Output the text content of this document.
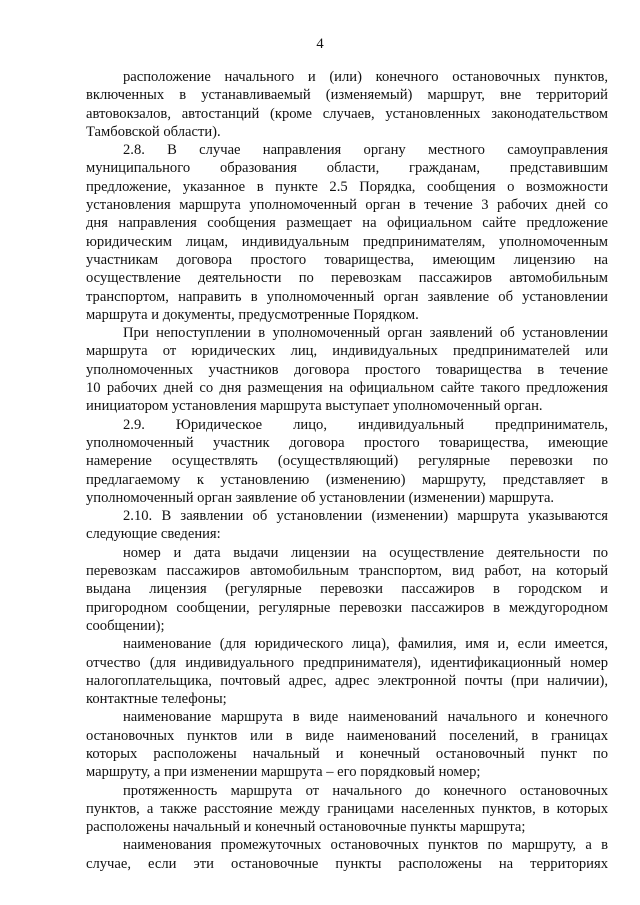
4
расположение начального и (или) конечного остановочных пунктов,
включенных в устанавливаемый (изменяемый) маршрут, вне территорий
автовокзалов, автостанций (кроме случаев, установленных законодательством
Тамбовской области).
2.8. В случае направления органу местного самоуправления
муниципального образования области, гражданам, представившим
предложение, указанное в пункте 2.5 Порядка, сообщения о возможности
установления маршрута уполномоченный орган в течение 3 рабочих дней со
дня направления сообщения размещает на официальном сайте предложение
юридическим лицам, индивидуальным предпринимателям, уполномоченным
участникам договора простого товарищества, имеющим лицензию на
осуществление деятельности по перевозкам пассажиров автомобильным
транспортом, направить в уполномоченный орган заявление об установлении
маршрута и документы, предусмотренные Порядком.
При непоступлении в уполномоченный орган заявлений об установлении
маршрута от юридических лиц, индивидуальных предпринимателей или
уполномоченных участников договора простого товарищества в течение
10 рабочих дней со дня размещения на официальном сайте такого предложения
инициатором установления маршрута выступает уполномоченный орган.
2.9. Юридическое лицо, индивидуальный предприниматель,
уполномоченный участник договора простого товарищества, имеющие
намерение осуществлять (осуществляющий) регулярные перевозки по
предлагаемому к установлению (изменению) маршруту, представляет в
уполномоченный орган заявление об установлении (изменении) маршрута.
2.10. В заявлении об установлении (изменении) маршрута указываются
следующие сведения:
номер и дата выдачи лицензии на осуществление деятельности по
перевозкам пассажиров автомобильным транспортом, вид работ, на который
выдана лицензия (регулярные перевозки пассажиров в городском и
пригородном сообщении, регулярные перевозки пассажиров в междугородном
сообщении);
наименование (для юридического лица), фамилия, имя и, если имеется,
отчество (для индивидуального предпринимателя), идентификационный номер
налогоплательщика, почтовый адрес, адрес электронной почты (при наличии),
контактные телефоны;
наименование маршрута в виде наименований начального и конечного
остановочных пунктов или в виде наименований поселений, в границах
которых расположены начальный и конечный остановочный пункт по
маршруту, а при изменении маршрута – его порядковый номер;
протяженность маршрута от начального до конечного остановочных
пунктов, а также расстояние между границами населенных пунктов, в которых
расположены начальный и конечный остановочные пункты маршрута;
наименования промежуточных остановочных пунктов по маршруту, а в
случае, если эти остановочные пункты расположены на территориях
